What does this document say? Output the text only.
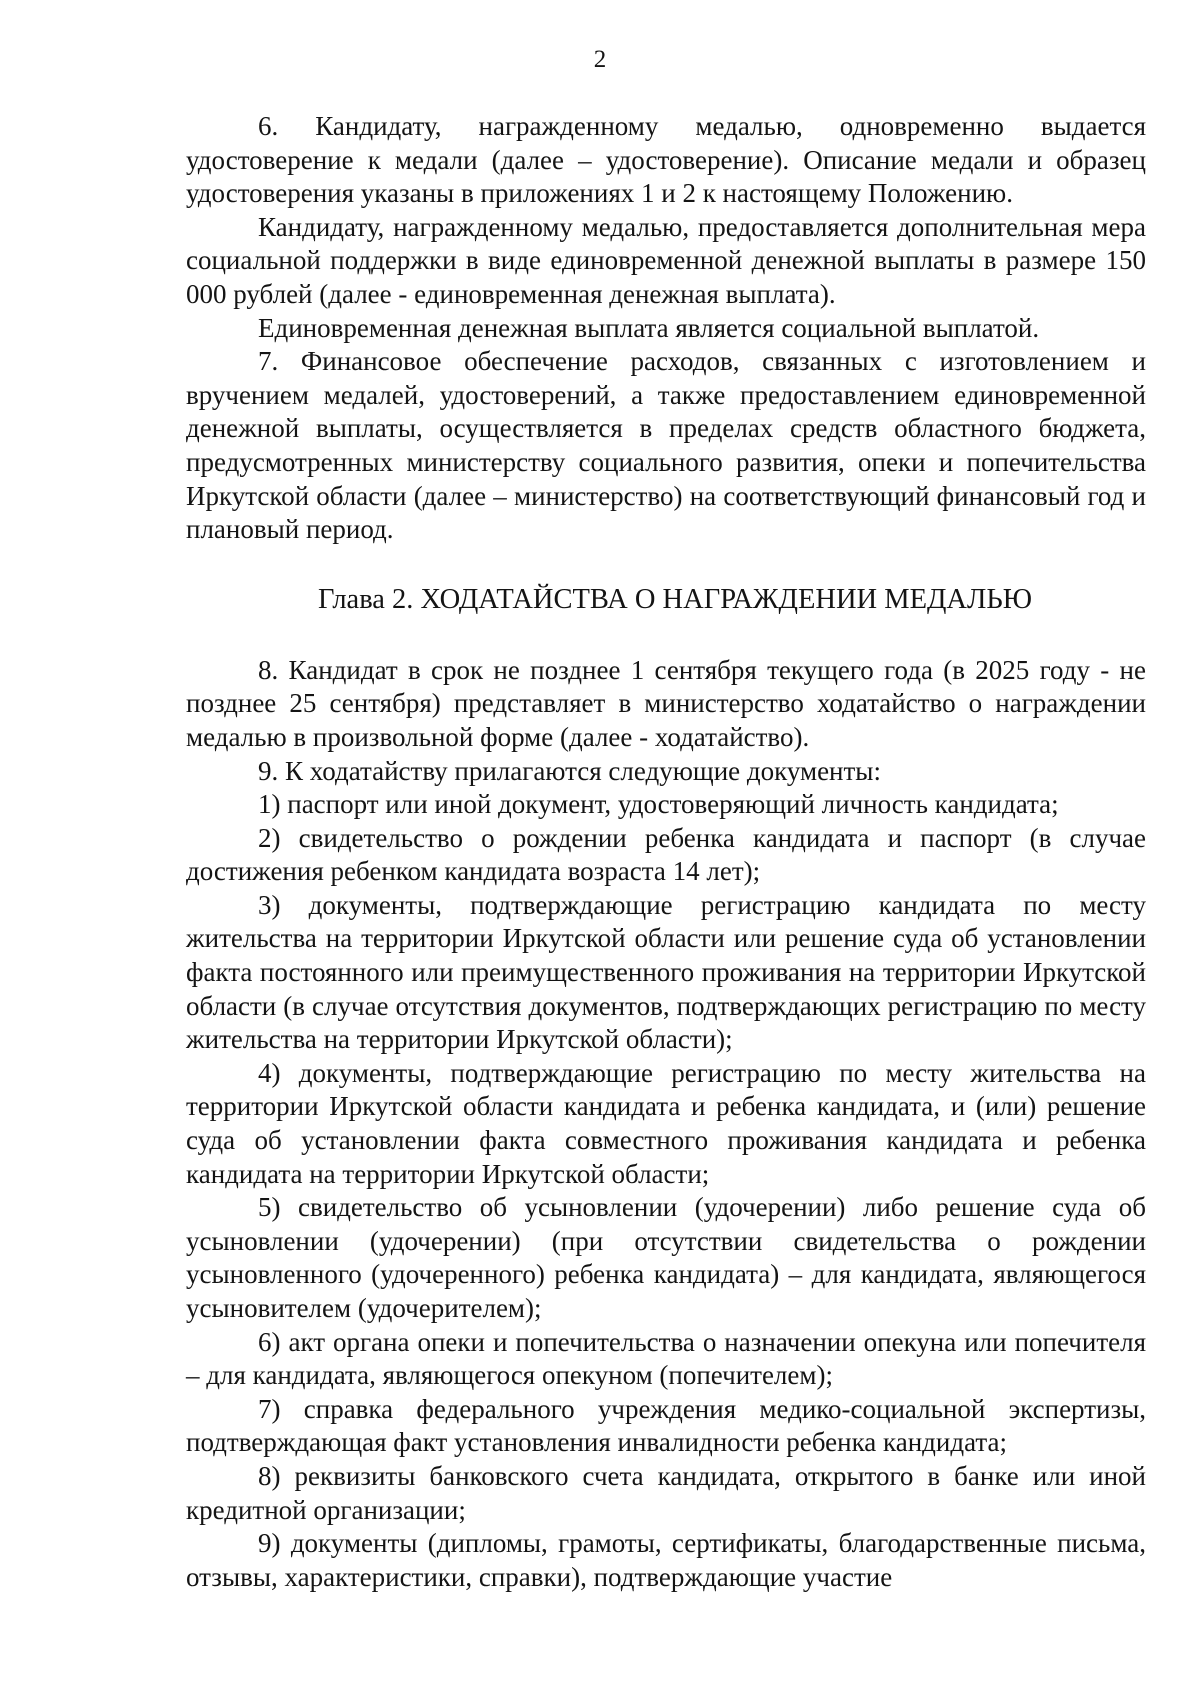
2

6. Кандидату, награжденному медалью, одновременно выдается удостоверение к медали (далее – удостоверение). Описание медали и образец удостоверения указаны в приложениях 1 и 2 к настоящему Положению.

Кандидату, награжденному медалью, предоставляется дополнительная мера социальной поддержки в виде единовременной денежной выплаты в размере 150 000 рублей (далее - единовременная денежная выплата).

Единовременная денежная выплата является социальной выплатой.

7. Финансовое обеспечение расходов, связанных с изготовлением и вручением медалей, удостоверений, а также предоставлением единовременной денежной выплаты, осуществляется в пределах средств областного бюджета, предусмотренных министерству социального развития, опеки и попечительства Иркутской области (далее – министерство) на соответствующий финансовый год и плановый период.

Глава 2. ХОДАТАЙСТВА О НАГРАЖДЕНИИ МЕДАЛЬЮ

8. Кандидат в срок не позднее 1 сентября текущего года (в 2025 году - не позднее 25 сентября) представляет в министерство ходатайство о награждении медалью в произвольной форме (далее - ходатайство).

9. К ходатайству прилагаются следующие документы:

1) паспорт или иной документ, удостоверяющий личность кандидата;

2) свидетельство о рождении ребенка кандидата и паспорт (в случае достижения ребенком кандидата возраста 14 лет);

3) документы, подтверждающие регистрацию кандидата по месту жительства на территории Иркутской области или решение суда об установлении факта постоянного или преимущественного проживания на территории Иркутской области (в случае отсутствия документов, подтверждающих регистрацию по месту жительства на территории Иркутской области);

4) документы, подтверждающие регистрацию по месту жительства на территории Иркутской области кандидата и ребенка кандидата, и (или) решение суда об установлении факта совместного проживания кандидата и ребенка кандидата на территории Иркутской области;

5) свидетельство об усыновлении (удочерении) либо решение суда об усыновлении (удочерении) (при отсутствии свидетельства о рождении усыновленного (удочеренного) ребенка кандидата) – для кандидата, являющегося усыновителем (удочерителем);

6) акт органа опеки и попечительства о назначении опекуна или попечителя – для кандидата, являющегося опекуном (попечителем);

7) справка федерального учреждения медико-социальной экспертизы, подтверждающая факт установления инвалидности ребенка кандидата;

8) реквизиты банковского счета кандидата, открытого в банке или иной кредитной организации;

9) документы (дипломы, грамоты, сертификаты, благодарственные письма, отзывы, характеристики, справки), подтверждающие участие
